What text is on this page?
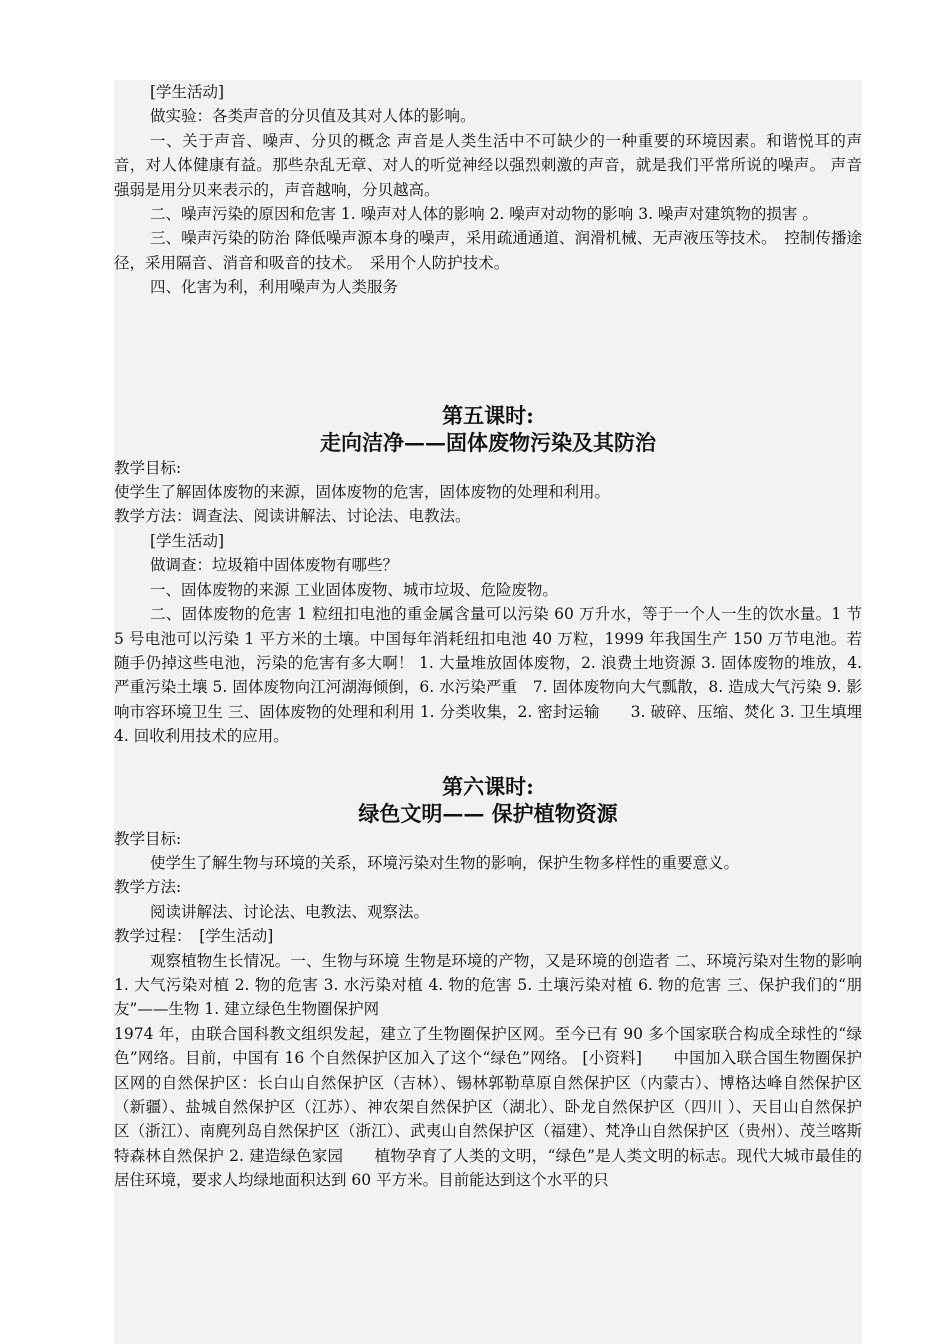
[学生活动]

做实验：各类声音的分贝值及其对人体的影响。

一、关于声音、噪声、分贝的概念 声音是人类生活中不可缺少的一种重要的环境因素。和谐悦耳的声音，对人体健康有益。那些杂乱无章、对人的听觉神经以强烈刺激的声音，就是我们平常所说的噪声。 声音强弱是用分贝来表示的，声音越响，分贝越高。

二、噪声污染的原因和危害 1. 噪声对人体的影响 2. 噪声对动物的影响 3. 噪声对建筑物的损害 。

三、噪声污染的防治 降低噪声源本身的噪声，采用疏通通道、润滑机械、无声液压等技术。　控制传播途径，采用隔音、消音和吸音的技术。　采用个人防护技术。

四、化害为利，利用噪声为人类服务

第五课时:

走向洁净——固体废物污染及其防治

教学目标:

使学生了解固体废物的来源，固体废物的危害，固体废物的处理和利用。

教学方法：调查法、阅读讲解法、讨论法、电教法。

[学生活动]

做调查：垃圾箱中固体废物有哪些？

一、固体废物的来源 工业固体废物、城市垃圾、危险废物。

二、固体废物的危害 1 粒纽扣电池的重金属含量可以污染 60 万升水，等于一个人一生的饮水量。1 节 5 号电池可以污染 1 平方米的土壤。中国每年消耗纽扣电池 40 万粒，1999 年我国生产 150 万节电池。若随手仍掉这些电池，污染的危害有多大啊！ 1. 大量堆放固体废物，2. 浪费土地资源 3. 固体废物的堆放，4. 严重污染土壤 5. 固体废物向江河湖海倾倒，6. 水污染严重　7. 固体废物向大气瓢散，8. 造成大气污染 9. 影响市容环境卫生 三、固体废物的处理和利用 1. 分类收集，2. 密封运输　　3. 破碎、压缩、焚化 3. 卫生填埋 4. 回收利用技术的应用。

第六课时:

绿色文明—— 保护植物资源

教学目标:

使学生了解生物与环境的关系，环境污染对生物的影响，保护生物多样性的重要意义。

教学方法:

阅读讲解法、讨论法、电教法、观察法。

教学过程：　[学生活动]

观察植物生长情况。一、生物与环境 生物是环境的产物，又是环境的创造者 二、环境污染对生物的影响 1. 大气污染对植 2. 物的危害 3. 水污染对植 4. 物的危害 5. 土壤污染对植 6. 物的危害 三、保护我们的“朋友”——生物 1. 建立绿色生物圈保护网

1974 年，由联合国科教文组织发起，建立了生物圈保护区网。至今已有 90 多个国家联合构成全球性的“绿色”网络。目前，中国有 16 个自然保护区加入了这个“绿色”网络。 [小资料]　　中国加入联合国生物圈保护区网的自然保护区：长白山自然保护区（吉林）、锡林郭勒草原自然保护区（内蒙古）、博格达峰自然保护区（新疆）、盐城自然保护区（江苏）、神农架自然保护区（湖北）、卧龙自然保护区（四川 ）、天目山自然保护区（浙江）、南麂列岛自然保护区（浙江）、武夷山自然保护区（福建）、梵净山自然保护区（贵州）、茂兰喀斯特森林自然保护 2. 建造绿色家园　　植物孕育了人类的文明，“绿色”是人类文明的标志。现代大城市最佳的居住环境，要求人均绿地面积达到 60 平方米。目前能达到这个水平的只
